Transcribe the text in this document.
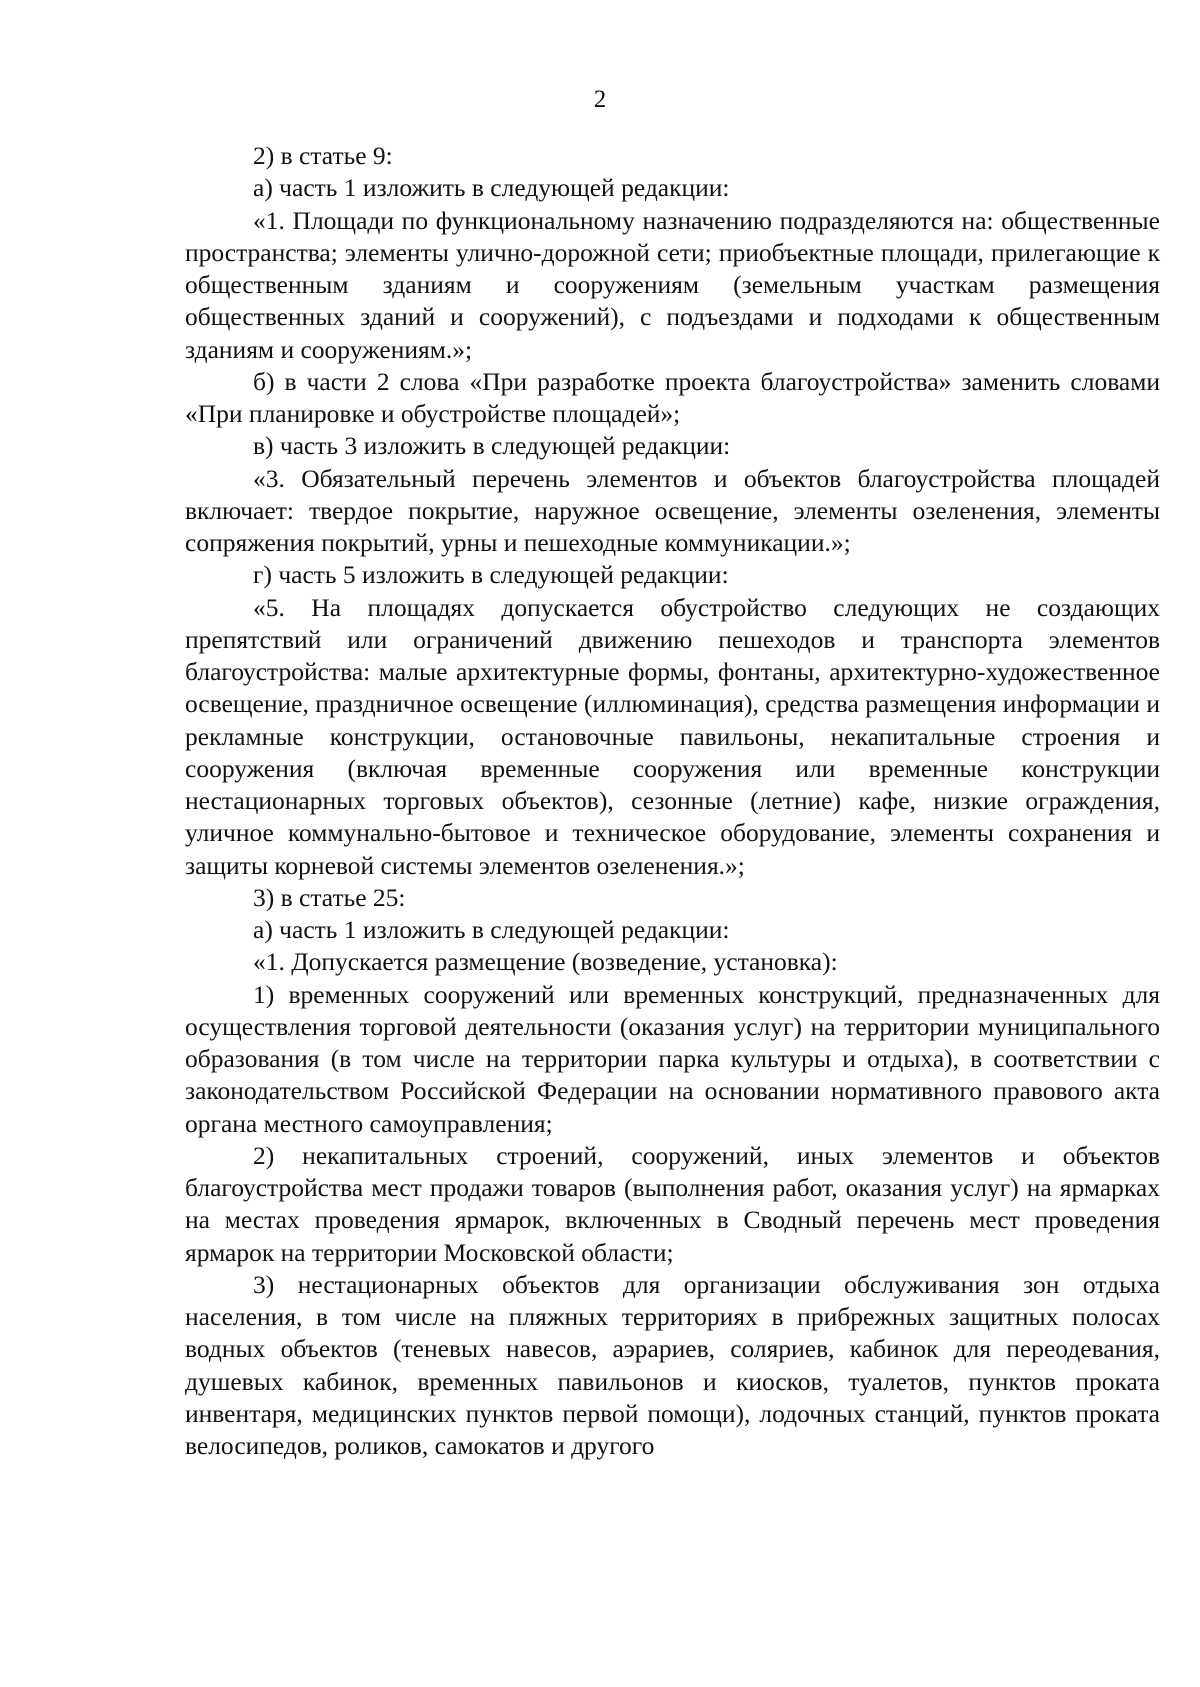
2

2) в статье 9:

а) часть 1 изложить в следующей редакции:

«1. Площади по функциональному назначению подразделяются на: общественные пространства; элементы улично-дорожной сети; приобъектные площади, прилегающие к общественным зданиям и сооружениям (земельным участкам размещения общественных зданий и сооружений), с подъездами и подходами к общественным зданиям и сооружениям.»;

б) в части 2 слова «При разработке проекта благоустройства» заменить словами «При планировке и обустройстве площадей»;

в) часть 3 изложить в следующей редакции:

«3. Обязательный перечень элементов и объектов благоустройства площадей включает: твердое покрытие, наружное освещение, элементы озеленения, элементы сопряжения покрытий, урны и пешеходные коммуникации.»;

г) часть 5 изложить в следующей редакции:

«5. На площадях допускается обустройство следующих не создающих препятствий или ограничений движению пешеходов и транспорта элементов благоустройства: малые архитектурные формы, фонтаны, архитектурно-художественное освещение, праздничное освещение (иллюминация), средства размещения информации и рекламные конструкции, остановочные павильоны, некапитальные строения и сооружения (включая временные сооружения или временные конструкции нестационарных торговых объектов), сезонные (летние) кафе, низкие ограждения, уличное коммунально-бытовое и техническое оборудование, элементы сохранения и защиты корневой системы элементов озеленения.»;

3) в статье 25:

а) часть 1 изложить в следующей редакции:

«1. Допускается размещение (возведение, установка):

1) временных сооружений или временных конструкций, предназначенных для осуществления торговой деятельности (оказания услуг) на территории муниципального образования (в том числе на территории парка культуры и отдыха), в соответствии с законодательством Российской Федерации на основании нормативного правового акта органа местного самоуправления;

2) некапитальных строений, сооружений, иных элементов и объектов благоустройства мест продажи товаров (выполнения работ, оказания услуг) на ярмарках на местах проведения ярмарок, включенных в Сводный перечень мест проведения ярмарок на территории Московской области;

3) нестационарных объектов для организации обслуживания зон отдыха населения, в том числе на пляжных территориях в прибрежных защитных полосах водных объектов (теневых навесов, аэрариев, соляриев, кабинок для переодевания, душевых кабинок, временных павильонов и киосков, туалетов, пунктов проката инвентаря, медицинских пунктов первой помощи), лодочных станций, пунктов проката велосипедов, роликов, самокатов и другого
